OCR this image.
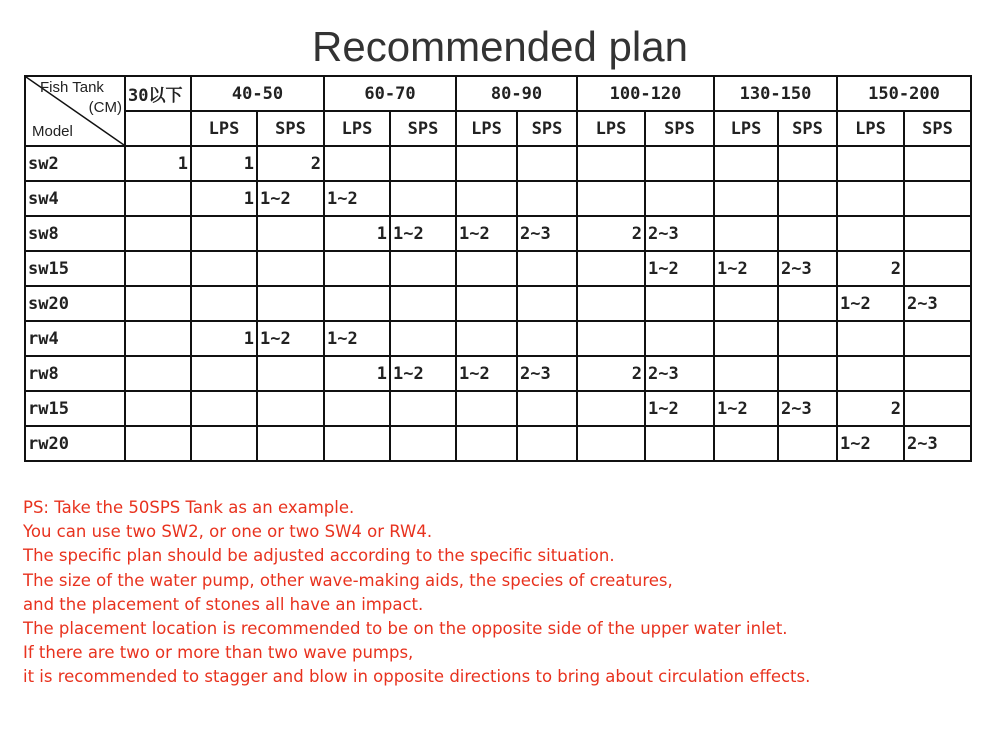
Recommended plan
Fish Tank
(CM)
Model	30以下	40-50		60-70		80-90		100-120		130-150		150-200	
		LPS	SPS	LPS	SPS	LPS	SPS	LPS	SPS	LPS	SPS	LPS	SPS
sw2	1	1	2										
sw4		1	1~2	1~2									
sw8				1	1~2	1~2	2~3	2	2~3				
sw15									1~2	1~2	2~3	2	
sw20												1~2	2~3
rw4		1	1~2	1~2									
rw8				1	1~2	1~2	2~3	2	2~3				
rw15									1~2	1~2	2~3	2	
rw20												1~2	2~3
PS: Take the 50SPS Tank as an example.
You can use two SW2, or one or two SW4 or RW4.
The specific plan should be adjusted according to the specific situation.
The size of the water pump, other wave-making aids, the species of creatures,
and the placement of stones all have an impact.
The placement location is recommended to be on the opposite side of the upper water inlet.
If there are two or more than two wave pumps,
it is recommended to stagger and blow in opposite directions to bring about circulation effects.
